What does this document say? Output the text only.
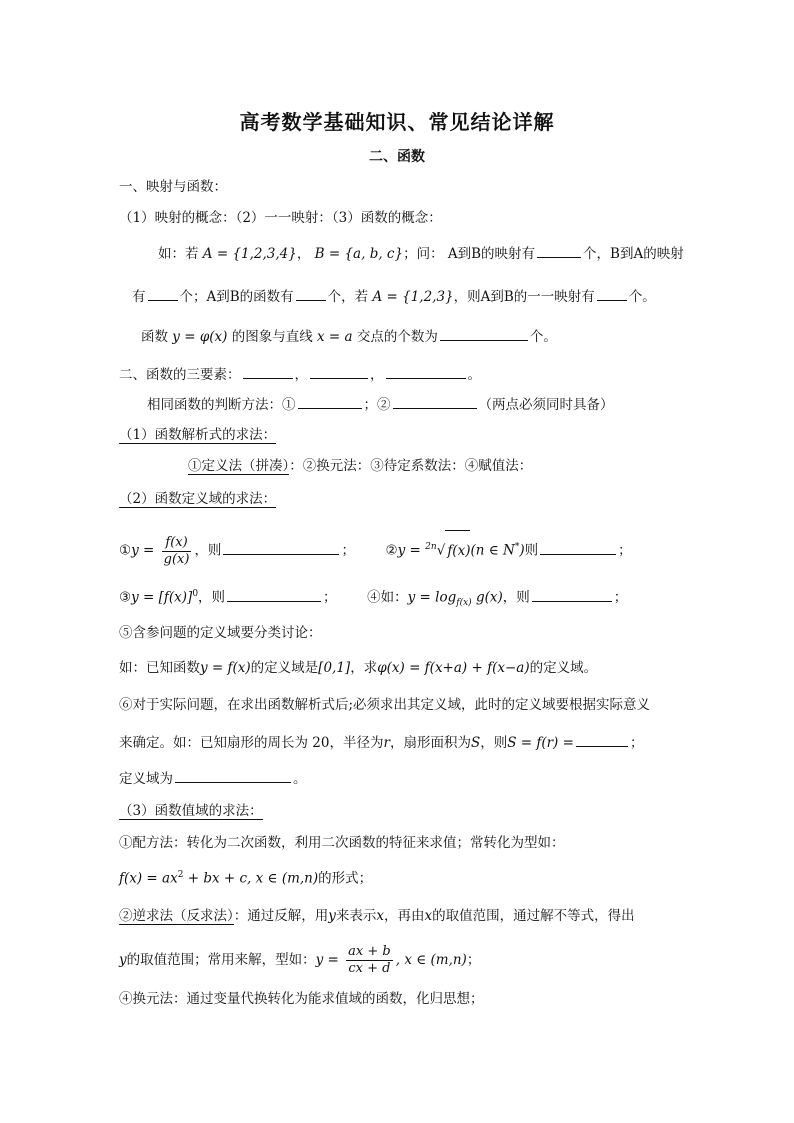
高考数学基础知识、常见结论详解
二、函数
一、映射与函数：
（1）映射的概念：（2）一一映射：（3）函数的概念：
如：若 A = {1,2,3,4}， B = {a, b, c}；问： A到B的映射有	个，B到A的映射
有	个；A到B的函数有	个，若 A = {1,2,3}，则A到B的一一映射有	个。
函数 y = φ(x) 的图象与直线 x = a 交点的个数为	个。
二、函数的三要素：	，	，	。
相同函数的判断方法：①	；②	（两点必须同时具备）
（1）函数解析式的求法：
①定义法（拼凑）：②换元法：③待定系数法：④赋值法：
（2）函数定义域的求法：
①y = $\frac{f(x)}{g(x)}$ ，则	； ②y = $^{2n}$√ f(x)(n ∈ N*)则	；
③y = $[f(x)]^0$，则	； ④如：$y = \log_{f(x)} g(x)$，则	；
⑤含参问题的定义域要分类讨论：
如：已知函数y = f(x)的定义域是[0,1]，求φ(x) = f(x+a) + f(x−a)的定义域。
⑥对于实际问题，在求出函数解析式后;必须求出其定义域，此时的定义域要根据实际意义
来确定。如：已知扇形的周长为 20，半径为r，扇形面积为S，则S = f(r) =	；
定义域为	。
（3）函数值域的求法：
①配方法：转化为二次函数，利用二次函数的特征来求值；常转化为型如：
$f(x) = ax^2$ + bx + c, x ∈ (m,n)的形式；
②逆求法（反求法）：通过反解，用y来表示x，再由x的取值范围，通过解不等式，得出
y的取值范围；常用来解，型如：$y = \frac{ax + b}{cx + d}$ , x ∈ (m,n)；
④换元法：通过变量代换转化为能求值域的函数，化归思想；
